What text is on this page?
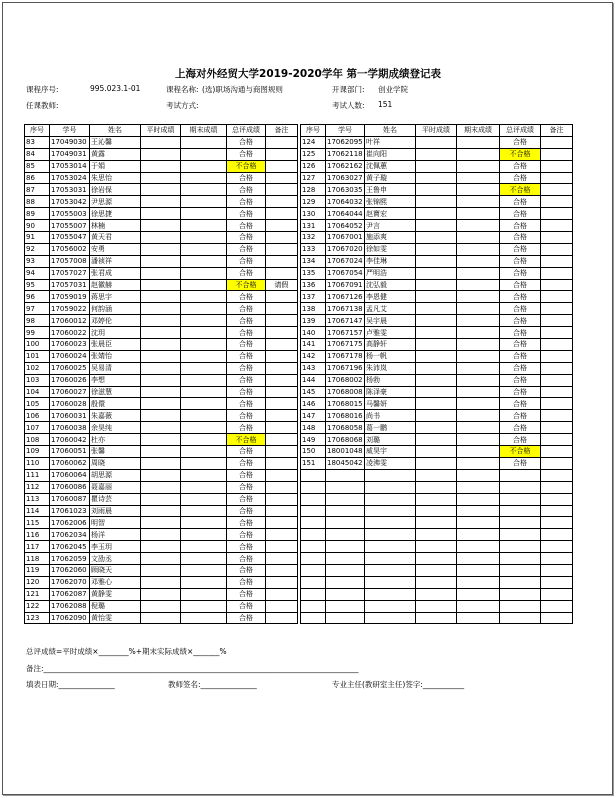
上海对外经贸大学2019-2020学年 第一学期成绩登记表
课程序号:	995.023.1-01	课程名称: (选)职场沟通与商图规则	开课部门: 创业学院
任课教师:	考试方式:	考试人数: 151
序号	学号	姓名	平时成绩	期末成绩	总评成绩	备注
83	17049030	王沁馨			合格	
84	17049031	黄露			合格	
85	17053014	于娟			不合格	
86	17053024	朱思怡			合格	
87	17053031	徐岩保			合格	
88	17053042	尹思源			合格	
89	17055003	徐思捷			合格	
90	17055007	林楠			合格	
91	17055047	黄天君			合格	
92	17056002	安勇			合格	
93	17057008	潘祯祥			合格	
94	17057027	张君成			合格	
95	17057031	赵徽赫			不合格	请假
96	17059019	蒋思宇			合格	
97	17059022	何韵涵			合格	
98	17060012	邓婷伦			合格	
99	17060022	沈玥			合格	
100	17060023	张晨臣			合格	
101	17060024	张婧怡			合格	
102	17060025	吴易清			合格	
103	17060026	李想			合格	
104	17060027	徐滋慧			合格	
105	17060028	殷儇			合格	
106	17060031	朱嘉薇			合格	
107	17060038	余昊纯			合格	
108	17060042	杜亦			不合格	
109	17060051	张馨			合格	
110	17060062	周晓			合格	
111	17060064	胡思源			合格	
112	17060086	聂嘉丽			合格	
113	17060087	瞿诗芸			合格	
114	17061023	刘雨晨			合格	
115	17062006	明智			合格	
116	17062034	杨洋			合格	
117	17062045	李玉玥			合格	
118	17062059	文劭丞			合格	
119	17062060	顾晓天			合格	
120	17062070	邓雅心			合格	
121	17062087	黄静雯			合格	
122	17062088	倪璐			合格	
123	17062090	黄怡雯			合格	
序号	学号	姓名	平时成绩	期末成绩	总评成绩	备注
124	17062095	叶祥			合格	
125	17062118	崔向阳			不合格	
126	17062162	沈佩蕙			合格	
127	17063027	黄子璇			合格	
128	17063035	王鲁申			不合格	
129	17064032	张锦熙			合格	
130	17064044	赵寶宏			合格	
131	17064052	尹言			合格	
132	17067001	施添爽			合格	
133	17067020	徐如雯			合格	
134	17067024	李佳琳			合格	
135	17067054	严明浩			合格	
136	17067091	沈弘毅			合格	
137	17067126	李恩健			合格	
138	17067138	孟凡艾			合格	
139	17067147	吴宇晨			合格	
140	17067157	卢雅雯			合格	
141	17067175	高静轩			合格	
142	17067178	杨一帆			合格	
143	17067196	朱沛岚			合格	
144	17068002	杨勃			合格	
145	17068008	陈泽豪			合格	
146	17068015	马馨妍			合格	
147	17068016	尚书			合格	
148	17068058	葛一鹏			合格	
149	17068068	刘璐			合格	
150	18001048	威昊宇			不合格	
151	18045042	凌沸雯			合格	

总评成绩=平时成绩×________%+期末实际成绩×_______%
备注:____________________________________________________________________________________
填表日期:_______________	教师签名:_______________	专业主任(教研室主任)签字:___________
